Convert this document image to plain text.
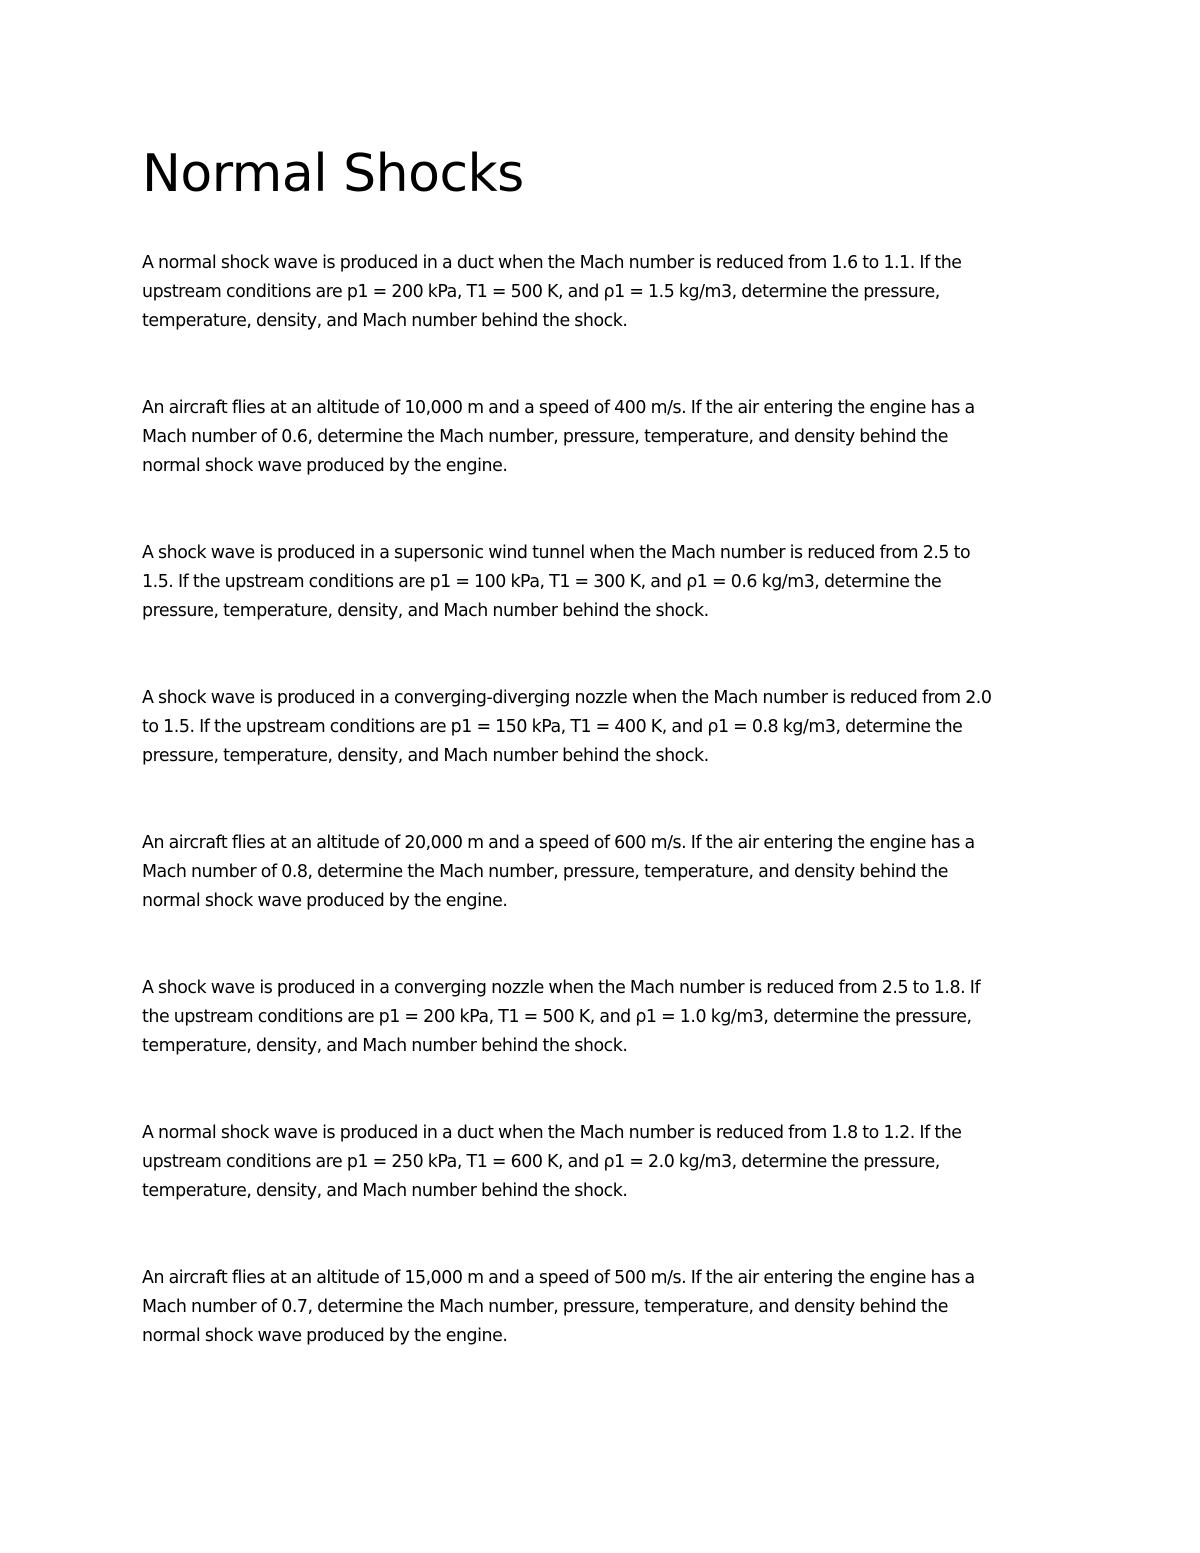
Normal Shocks

A normal shock wave is produced in a duct when the Mach number is reduced from 1.6 to 1.1. If the
upstream conditions are p1 = 200 kPa, T1 = 500 K, and ρ1 = 1.5 kg/m3, determine the pressure,
temperature, density, and Mach number behind the shock.

An aircraft flies at an altitude of 10,000 m and a speed of 400 m/s. If the air entering the engine has a
Mach number of 0.6, determine the Mach number, pressure, temperature, and density behind the
normal shock wave produced by the engine.

A shock wave is produced in a supersonic wind tunnel when the Mach number is reduced from 2.5 to
1.5. If the upstream conditions are p1 = 100 kPa, T1 = 300 K, and ρ1 = 0.6 kg/m3, determine the
pressure, temperature, density, and Mach number behind the shock.

A shock wave is produced in a converging-diverging nozzle when the Mach number is reduced from 2.0
to 1.5. If the upstream conditions are p1 = 150 kPa, T1 = 400 K, and ρ1 = 0.8 kg/m3, determine the
pressure, temperature, density, and Mach number behind the shock.

An aircraft flies at an altitude of 20,000 m and a speed of 600 m/s. If the air entering the engine has a
Mach number of 0.8, determine the Mach number, pressure, temperature, and density behind the
normal shock wave produced by the engine.

A shock wave is produced in a converging nozzle when the Mach number is reduced from 2.5 to 1.8. If
the upstream conditions are p1 = 200 kPa, T1 = 500 K, and ρ1 = 1.0 kg/m3, determine the pressure,
temperature, density, and Mach number behind the shock.

A normal shock wave is produced in a duct when the Mach number is reduced from 1.8 to 1.2. If the
upstream conditions are p1 = 250 kPa, T1 = 600 K, and ρ1 = 2.0 kg/m3, determine the pressure,
temperature, density, and Mach number behind the shock.

An aircraft flies at an altitude of 15,000 m and a speed of 500 m/s. If the air entering the engine has a
Mach number of 0.7, determine the Mach number, pressure, temperature, and density behind the
normal shock wave produced by the engine.
